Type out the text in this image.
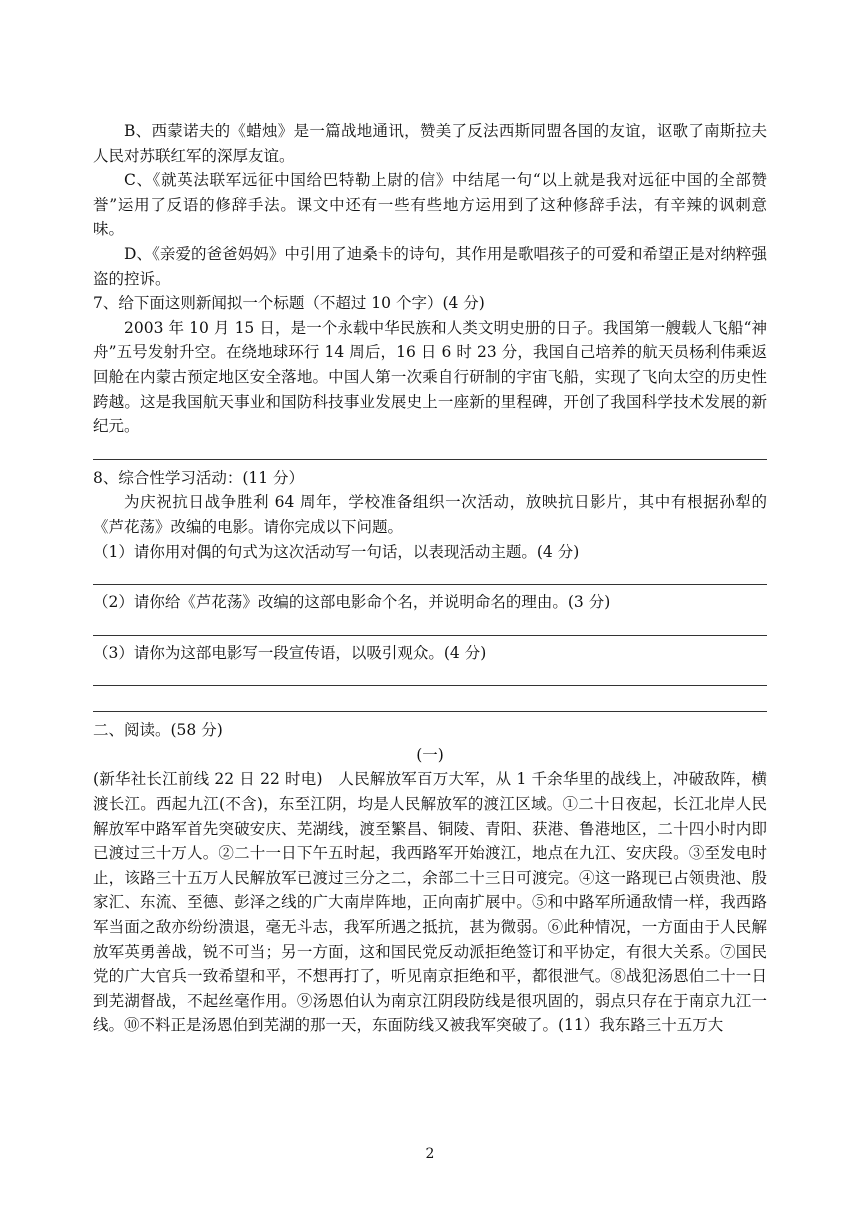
B、西蒙诺夫的《蜡烛》是一篇战地通讯，赞美了反法西斯同盟各国的友谊，讴歌了南斯拉夫人民对苏联红军的深厚友谊。

C、《就英法联军远征中国给巴特勒上尉的信》中结尾一句“以上就是我对远征中国的全部赞誉”运用了反语的修辞手法。课文中还有一些有些地方运用到了这种修辞手法，有辛辣的讽刺意味。

D、《亲爱的爸爸妈妈》中引用了迪桑卡的诗句，其作用是歌唱孩子的可爱和希望正是对纳粹强盗的控诉。

7、给下面这则新闻拟一个标题（不超过 10 个字）(4 分)

2003 年 10 月 15 日，是一个永载中华民族和人类文明史册的日子。我国第一艘载人飞船“神舟”五号发射升空。在绕地球环行 14 周后，16 日 6 时 23 分，我国自己培养的航天员杨利伟乘返回舱在内蒙古预定地区安全落地。中国人第一次乘自行研制的宇宙飞船，实现了飞向太空的历史性跨越。这是我国航天事业和国防科技事业发展史上一座新的里程碑，开创了我国科学技术发展的新纪元。

8、综合性学习活动：(11 分）

为庆祝抗日战争胜利 64 周年，学校准备组织一次活动，放映抗日影片，其中有根据孙犁的《芦花荡》改编的电影。请你完成以下问题。

（1）请你用对偶的句式为这次活动写一句话，以表现活动主题。(4 分)

（2）请你给《芦花荡》改编的这部电影命个名，并说明命名的理由。(3 分)

（3）请你为这部电影写一段宣传语，以吸引观众。(4 分)

二、阅读。(58 分)

(一)

(新华社长江前线 22 日 22 时电)　人民解放军百万大军，从 1 千余华里的战线上，冲破敌阵，横渡长江。西起九江(不含)，东至江阴，均是人民解放军的渡江区域。①二十日夜起，长江北岸人民解放军中路军首先突破安庆、芜湖线，渡至繁昌、铜陵、青阳、获港、鲁港地区，二十四小时内即已渡过三十万人。②二十一日下午五时起，我西路军开始渡江，地点在九江、安庆段。③至发电时止，该路三十五万人民解放军已渡过三分之二，余部二十三日可渡完。④这一路现已占领贵池、殷家汇、东流、至德、彭泽之线的广大南岸阵地，正向南扩展中。⑤和中路军所通敌情一样，我西路军当面之敌亦纷纷溃退，毫无斗志，我军所遇之抵抗，甚为微弱。⑥此种情况，一方面由于人民解放军英勇善战，锐不可当；另一方面，这和国民党反动派拒绝签订和平协定，有很大关系。⑦国民党的广大官兵一致希望和平，不想再打了，听见南京拒绝和平，都很泄气。⑧战犯汤恩伯二十一日到芜湖督战，不起丝毫作用。⑨汤恩伯认为南京江阴段防线是很巩固的，弱点只存在于南京九江一线。⑩不料正是汤恩伯到芜湖的那一天，东面防线又被我军突破了。(11）我东路三十五万大

2
